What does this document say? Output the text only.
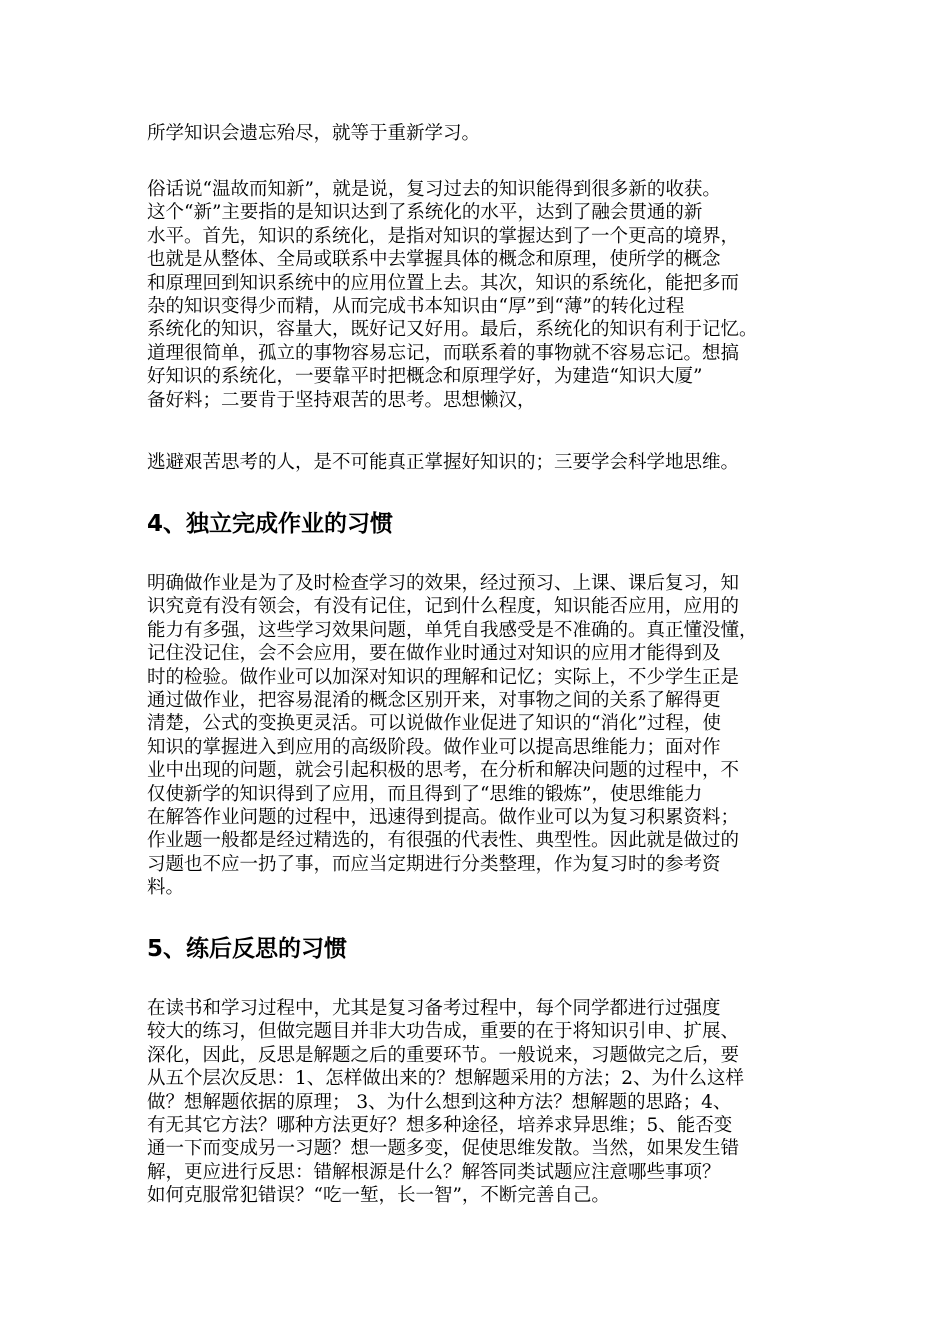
所学知识会遗忘殆尽，就等于重新学习。
俗话说“温故而知新”，就是说，复习过去的知识能得到很多新的收获。
这个“新”主要指的是知识达到了系统化的水平，达到了融会贯通的新
水平。首先，知识的系统化，是指对知识的掌握达到了一个更高的境界，
也就是从整体、全局或联系中去掌握具体的概念和原理，使所学的概念
和原理回到知识系统中的应用位置上去。其次，知识的系统化，能把多而
杂的知识变得少而精，从而完成书本知识由“厚”到“薄”的转化过程
系统化的知识，容量大，既好记又好用。最后，系统化的知识有利于记忆。
道理很简单，孤立的事物容易忘记，而联系着的事物就不容易忘记。想搞
好知识的系统化，一要靠平时把概念和原理学好，为建造“知识大厦”
备好料；二要肯于坚持艰苦的思考。思想懒汉，
逃避艰苦思考的人，是不可能真正掌握好知识的；三要学会科学地思维。
4、独立完成作业的习惯
明确做作业是为了及时检查学习的效果，经过预习、上课、课后复习，知
识究竟有没有领会，有没有记住，记到什么程度，知识能否应用，应用的
能力有多强，这些学习效果问题，单凭自我感受是不准确的。真正懂没懂，
记住没记住，会不会应用，要在做作业时通过对知识的应用才能得到及
时的检验。做作业可以加深对知识的理解和记忆；实际上，不少学生正是
通过做作业，把容易混淆的概念区别开来，对事物之间的关系了解得更
清楚，公式的变换更灵活。可以说做作业促进了知识的“消化”过程，使
知识的掌握进入到应用的高级阶段。做作业可以提高思维能力；面对作
业中出现的问题，就会引起积极的思考，在分析和解决问题的过程中，不
仅使新学的知识得到了应用，而且得到了“思维的锻炼”，使思维能力
在解答作业问题的过程中，迅速得到提高。做作业可以为复习积累资料；
作业题一般都是经过精选的，有很强的代表性、典型性。因此就是做过的
习题也不应一扔了事，而应当定期进行分类整理，作为复习时的参考资
料。
5、练后反思的习惯
在读书和学习过程中，尤其是复习备考过程中，每个同学都进行过强度
较大的练习，但做完题目并非大功告成，重要的在于将知识引申、扩展、
深化，因此，反思是解题之后的重要环节。一般说来，习题做完之后，要
从五个层次反思：1、怎样做出来的？想解题采用的方法；2、为什么这样
做？想解题依据的原理； 3、为什么想到这种方法？想解题的思路；4、
有无其它方法？哪种方法更好？想多种途径，培养求异思维；5、能否变
通一下而变成另一习题？想一题多变，促使思维发散。当然，如果发生错
解，更应进行反思：错解根源是什么？解答同类试题应注意哪些事项？
如何克服常犯错误？“吃一堑，长一智”，不断完善自己。
